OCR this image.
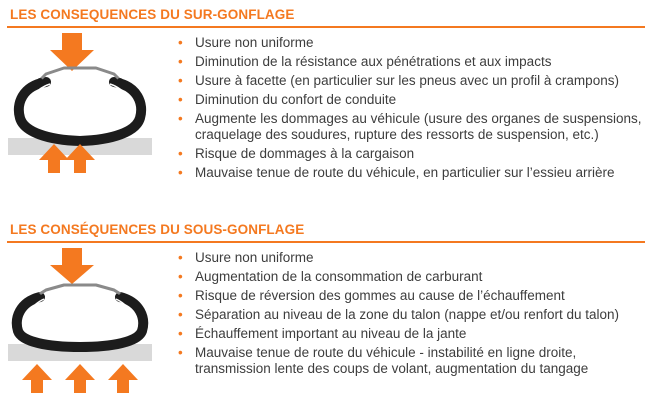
LES CONSEQUENCES DU SUR-GONFLAGE
• Usure non uniforme
• Diminution de la résistance aux pénétrations et aux impacts
• Usure à facette (en particulier sur les pneus avec un profil à crampons)
• Diminution du confort de conduite
• Augmente les dommages au véhicule (usure des organes de suspensions,
craquelage des soudures, rupture des ressorts de suspension, etc.)
• Risque de dommages à la cargaison
• Mauvaise tenue de route du véhicule, en particulier sur l’essieu arrière
LES CONSÉQUENCES DU SOUS-GONFLAGE
• Usure non uniforme
• Augmentation de la consommation de carburant
• Risque de réversion des gommes au cause de l’échauffement
• Séparation au niveau de la zone du talon (nappe et/ou renfort du talon)
• Échauffement important au niveau de la jante
• Mauvaise tenue de route du véhicule - instabilité en ligne droite,
transmission lente des coups de volant, augmentation du tangage
